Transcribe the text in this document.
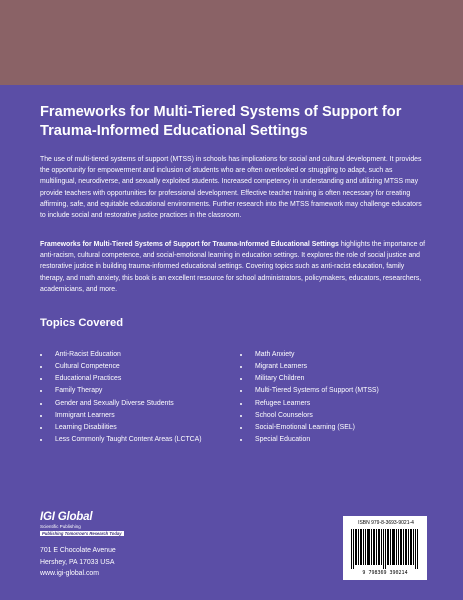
Frameworks for Multi-Tiered Systems of Support for
Trauma-Informed Educational Settings
The use of multi-tiered systems of support (MTSS) in schools has implications for social and cultural development. It provides the opportunity for empowerment and inclusion of students who are often overlooked or struggling to adapt, such as multilingual, neurodiverse, and sexually exploited students. Increased competency in understanding and utilizing MTSS may provide teachers with opportunities for professional development. Effective teacher training is often necessary for creating affirming, safe, and equitable educational environments. Further research into the MTSS framework may challenge educators to include social and restorative justice practices in the classroom.
Frameworks for Multi-Tiered Systems of Support for Trauma-Informed Educational Settings highlights the importance of anti-racism, cultural competence, and social-emotional learning in education settings. It explores the role of social justice and restorative justice in building trauma-informed educational settings. Covering topics such as anti-racist education, family therapy, and math anxiety, this book is an excellent resource for school administrators, policymakers, educators, researchers, academicians, and more.
Topics Covered
Anti-Racist Education
Cultural Competence
Educational Practices
Family Therapy
Gender and Sexually Diverse Students
Immigrant Learners
Learning Disabilities
Less Commonly Taught Content Areas (LCTCA)
Math Anxiety
Migrant Learners
Military Children
Multi-Tiered Systems of Support (MTSS)
Refugee Learners
School Counselors
Social-Emotional Learning (SEL)
Special Education
IGI Global
Scientific Publishing
Publishing Tomorrow's Research Today
701 E Chocolate Avenue
Hershey, PA 17033 USA
www.igi-global.com
ISBN 979-8-3693-9021-4
9 798369 390214
